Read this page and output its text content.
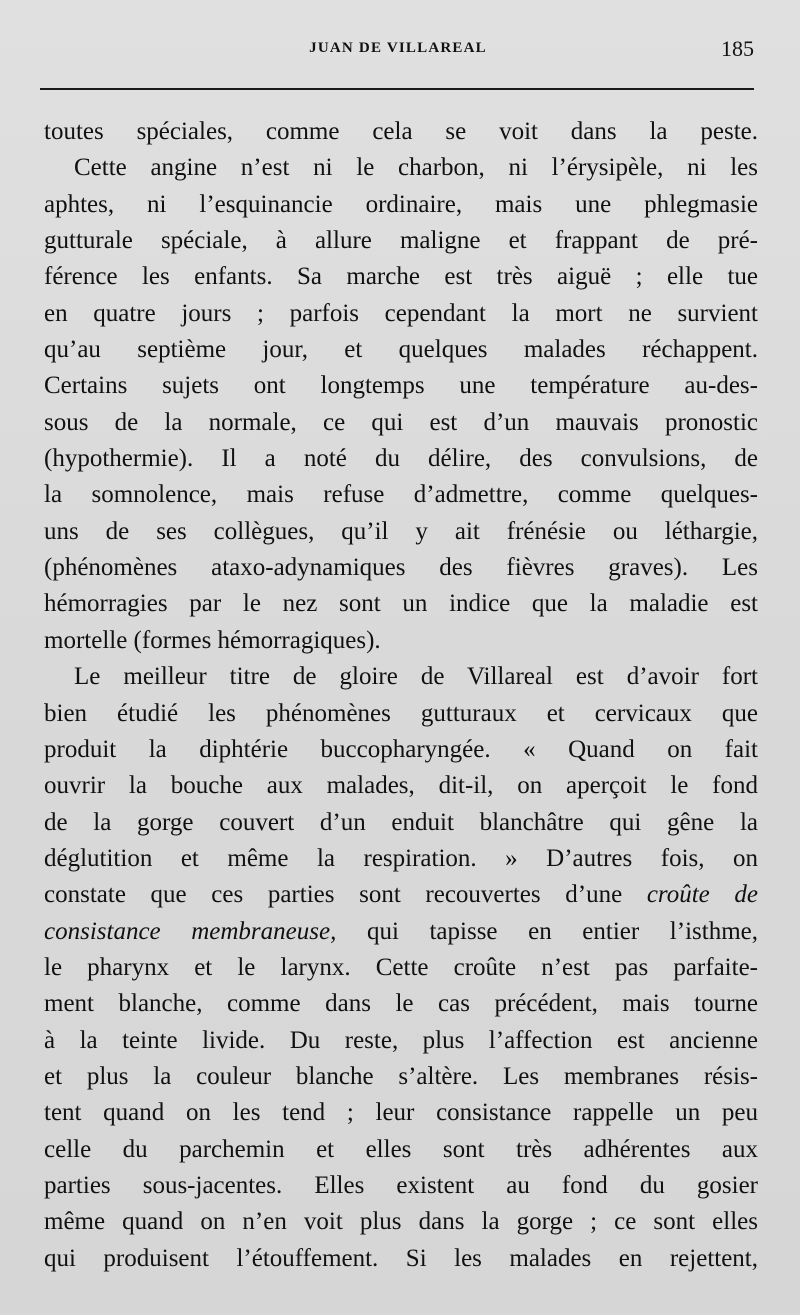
JUAN DE VILLAREAL	185
toutes spéciales, comme cela se voit dans la peste.
Cette angine n’est ni le charbon, ni l’érysipèle, ni les
aphtes, ni l’esquinancie ordinaire, mais une phlegmasie
gutturale spéciale, à allure maligne et frappant de pré-
férence les enfants. Sa marche est très aiguë ; elle tue
en quatre jours ; parfois cependant la mort ne survient
qu’au septième jour, et quelques malades réchappent.
Certains sujets ont longtemps une température au-des-
sous de la normale, ce qui est d’un mauvais pronostic
(hypothermie). Il a noté du délire, des convulsions, de
la somnolence, mais refuse d’admettre, comme quelques-
uns de ses collègues, qu’il y ait frénésie ou léthargie,
(phénomènes ataxo-adynamiques des fièvres graves). Les
hémorragies par le nez sont un indice que la maladie est
mortelle (formes hémorragiques).
Le meilleur titre de gloire de Villareal est d’avoir fort
bien étudié les phénomènes gutturaux et cervicaux que
produit la diphtérie buccopharyngée. « Quand on fait
ouvrir la bouche aux malades, dit-il, on aperçoit le fond
de la gorge couvert d’un enduit blanchâtre qui gêne la
déglutition et même la respiration. » D’autres fois, on
constate que ces parties sont recouvertes d’une croûte de
consistance membraneuse, qui tapisse en entier l’isthme,
le pharynx et le larynx. Cette croûte n’est pas parfaite-
ment blanche, comme dans le cas précédent, mais tourne
à la teinte livide. Du reste, plus l’affection est ancienne
et plus la couleur blanche s’altère. Les membranes résis-
tent quand on les tend ; leur consistance rappelle un peu
celle du parchemin et elles sont très adhérentes aux
parties sous-jacentes. Elles existent au fond du gosier
même quand on n’en voit plus dans la gorge ; ce sont elles
qui produisent l’étouffement. Si les malades en rejettent,
